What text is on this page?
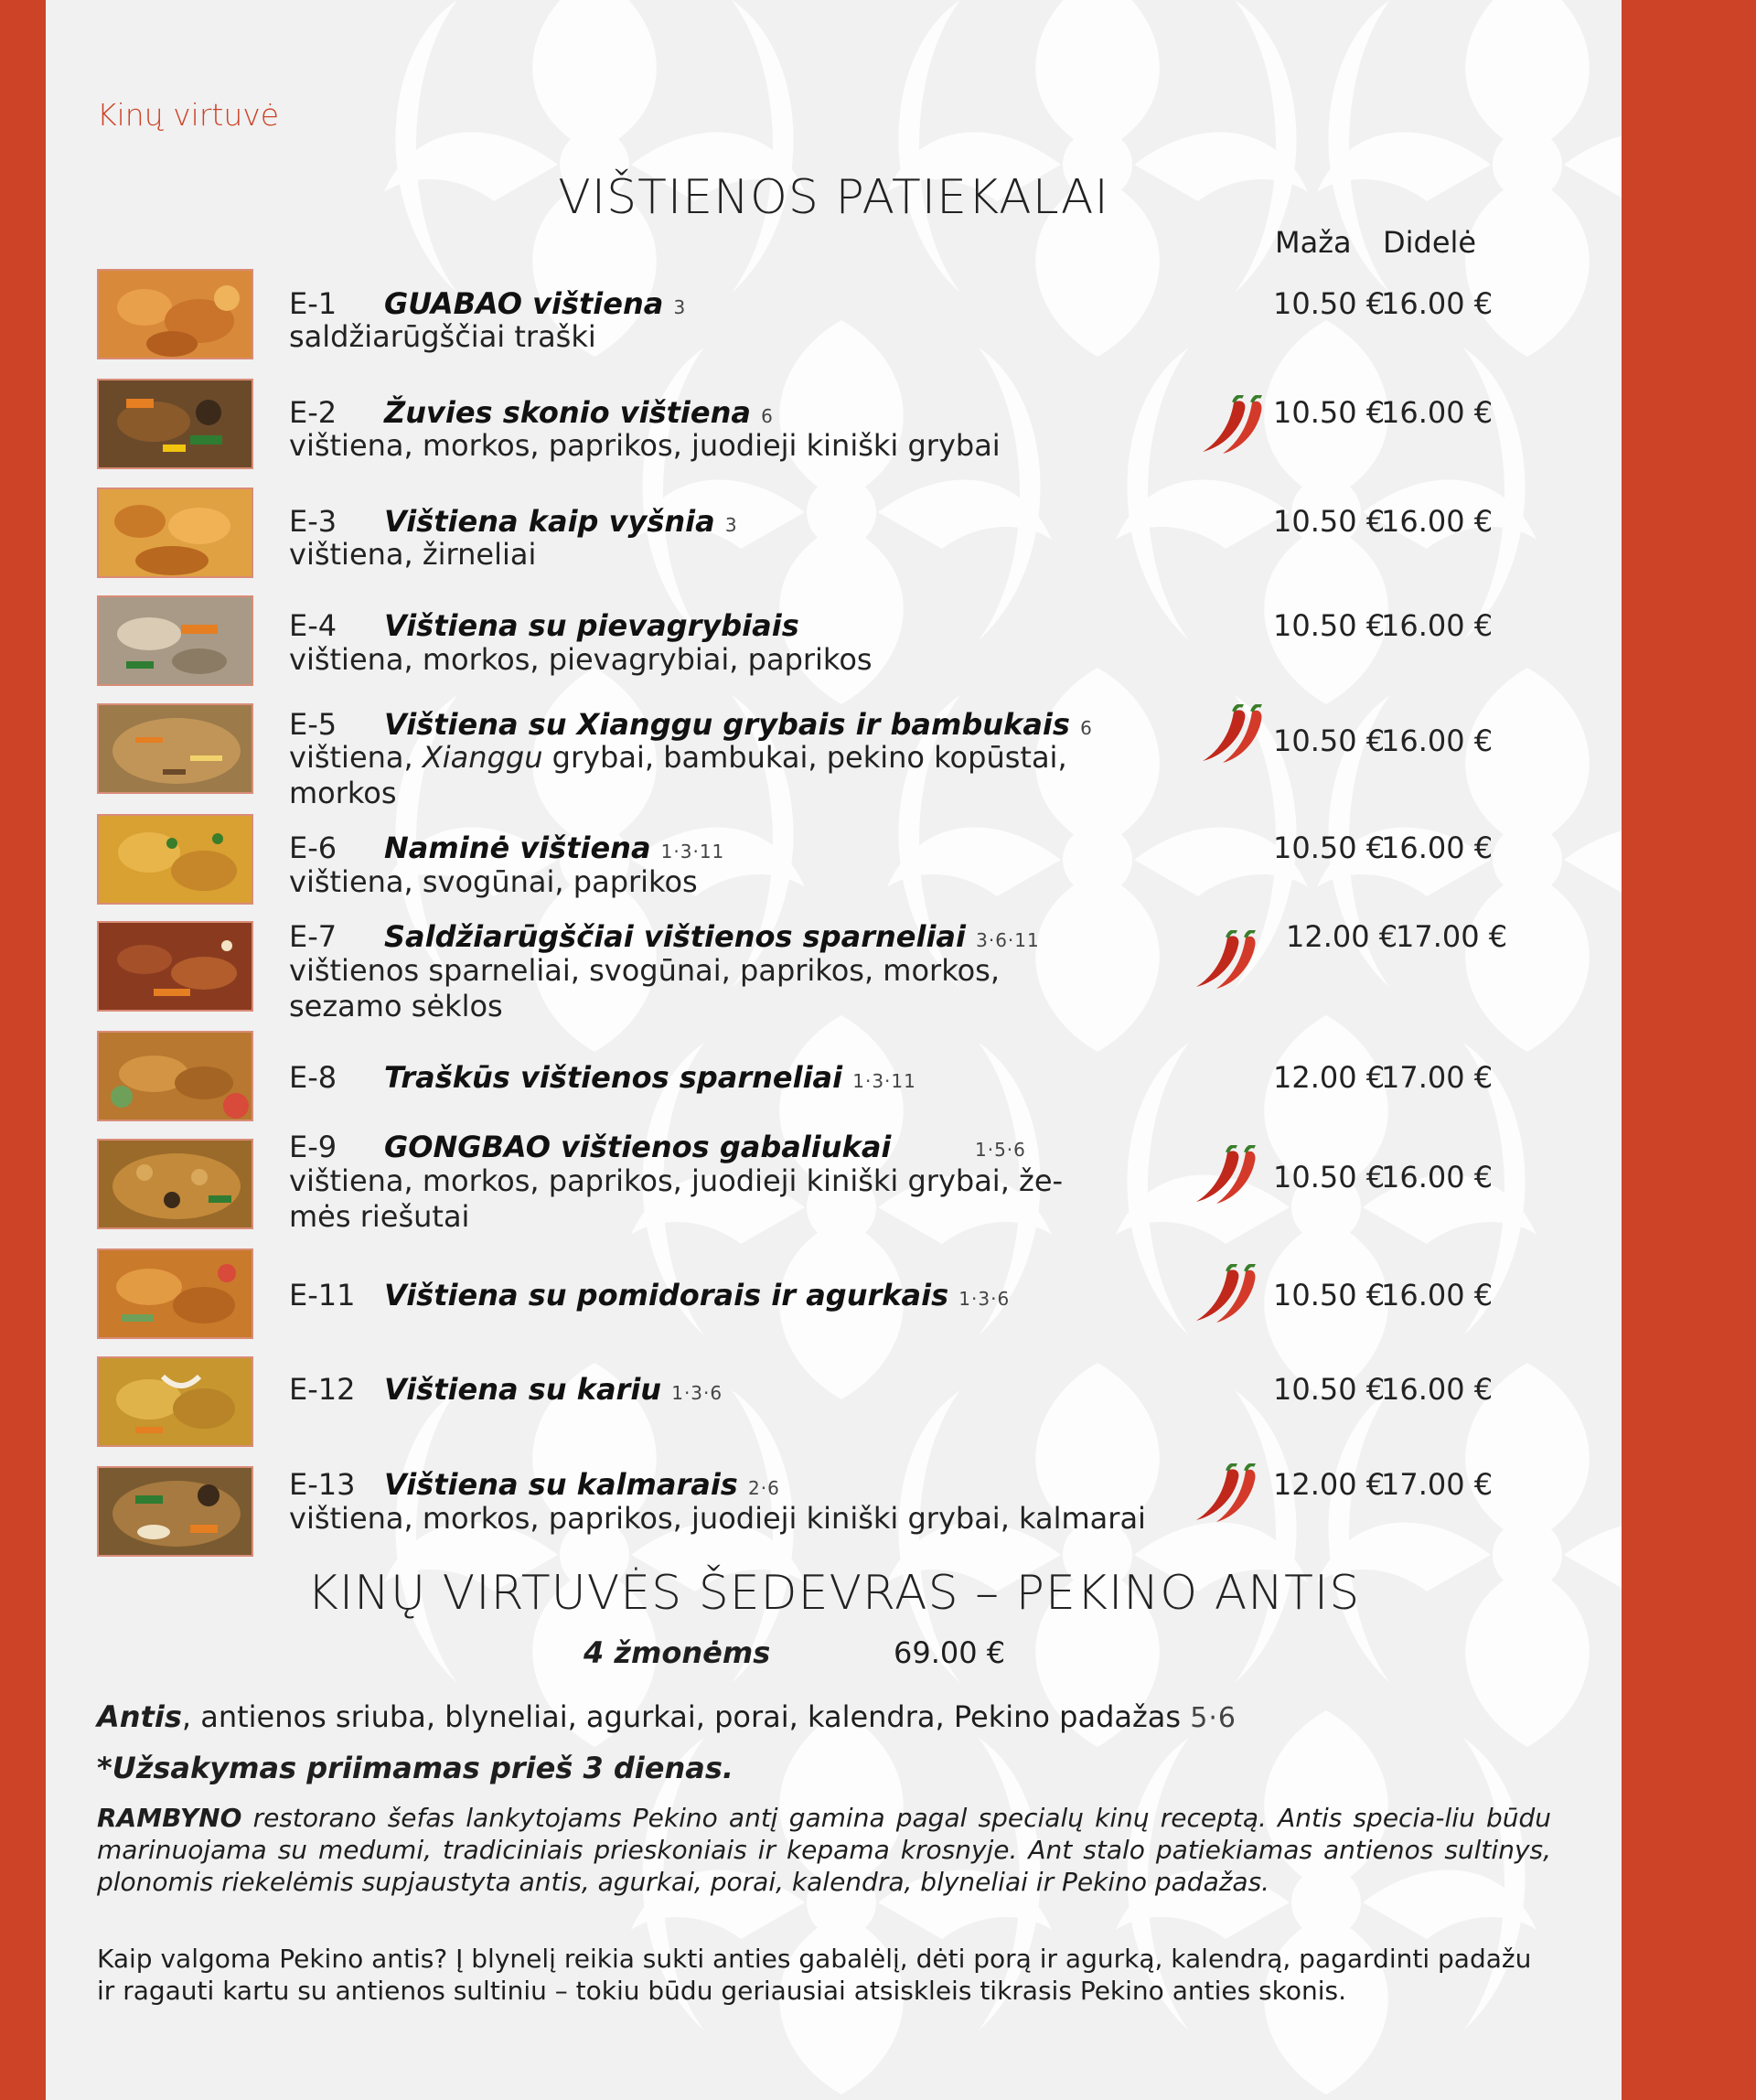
Kinų virtuvė
VIŠTIENOS PATIEKALAI
Maža Didelė
E-1 GUABAO vištiena 3
saldžiarūgščiai traški
10.50 €
16.00 €
E-2 Žuvies skonio vištiena 6
vištiena, morkos, paprikos, juodieji kiniški grybai
10.50 €
16.00 €
E-3 Vištiena kaip vyšnia 3
vištiena, žirneliai
10.50 €
16.00 €
E-4 Vištiena su pievagrybiais
vištiena, morkos, pievagrybiai, paprikos
10.50 €
16.00 €
E-5 Vištiena su Xianggu grybais ir bambukais 6
vištiena, Xianggu grybai, bambukai, pekino kopūstai, morkos
10.50 €
16.00 €
E-6 Naminė vištiena 1·3·11
vištiena, svogūnai, paprikos
10.50 €
16.00 €
E-7 Saldžiarūgščiai vištienos sparneliai 3·6·11
vištienos sparneliai, svogūnai, paprikos, morkos, sezamo sėklos
12.00 €
17.00 €
E-8 Traškūs vištienos sparneliai 1·3·11	12.00 €
17.00 €
E-9 GONGBAO vištienos gabaliukai	1·5·6
vištiena, morkos, paprikos, juodieji kiniški grybai, že-mės riešutai
10.50 €
16.00 €
E-11 Vištiena su pomidorais ir agurkais 1·3·6	10.50 €
16.00 €
E-12 Vištiena su kariu 1·3·6	10.50 €
16.00 €
E-13 Vištiena su kalmarais 2·6
vištiena, morkos, paprikos, juodieji kiniški grybai, kalmarai
12.00 €
17.00 €
KINŲ VIRTUVĖS ŠEDEVRAS – PEKINO ANTIS
4 žmonėms	69.00 €
Antis, antienos sriuba, blyneliai, agurkai, porai, kalendra, Pekino padažas 5·6
*Užsakymas priimamas prieš 3 dienas.
RAMBYNO restorano šefas lankytojams Pekino antį gamina pagal specialų kinų receptą. Antis specia-liu būdu marinuojama su medumi, tradiciniais prieskoniais ir kepama krosnyje. Ant stalo patiekiamas antienos sultinys, plonomis riekelėmis supjaustyta antis, agurkai, porai, kalendra, blyneliai ir Pekino padažas.
Kaip valgoma Pekino antis? Į blynelį reikia sukti anties gabalėlį, dėti porą ir agurką, kalendrą, pagardinti padažu ir ragauti kartu su antienos sultiniu – tokiu būdu geriausiai atsiskleis tikrasis Pekino anties skonis.
